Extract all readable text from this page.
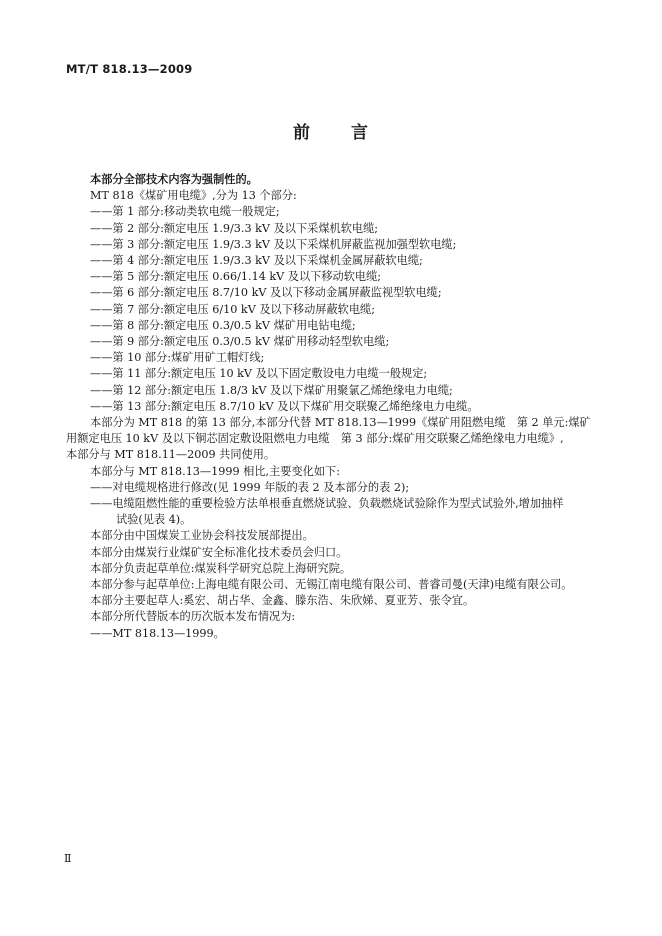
MT/T 818.13—2009
前 言

本部分全部技术内容为强制性的。

MT 818《煤矿用电缆》,分为 13 个部分:

——第 1 部分:移动类软电缆一般规定;

——第 2 部分:额定电压 1.9/3.3 kV 及以下采煤机软电缆;

——第 3 部分:额定电压 1.9/3.3 kV 及以下采煤机屏蔽监视加强型软电缆;

——第 4 部分:额定电压 1.9/3.3 kV 及以下采煤机金属屏蔽软电缆;

——第 5 部分:额定电压 0.66/1.14 kV 及以下移动软电缆;

——第 6 部分:额定电压 8.7/10 kV 及以下移动金属屏蔽监视型软电缆;

——第 7 部分:额定电压 6/10 kV 及以下移动屏蔽软电缆;

——第 8 部分:额定电压 0.3/0.5 kV 煤矿用电钻电缆;

——第 9 部分:额定电压 0.3/0.5 kV 煤矿用移动轻型软电缆;

——第 10 部分:煤矿用矿工帽灯线;

——第 11 部分:额定电压 10 kV 及以下固定敷设电力电缆一般规定;

——第 12 部分:额定电压 1.8/3 kV 及以下煤矿用聚氯乙烯绝缘电力电缆;

——第 13 部分:额定电压 8.7/10 kV 及以下煤矿用交联聚乙烯绝缘电力电缆。

本部分为 MT 818 的第 13 部分,本部分代替 MT 818.13—1999《煤矿用阻燃电缆　第 2 单元:煤矿

用额定电压 10 kV 及以下铜芯固定敷设阻燃电力电缆　第 3 部分:煤矿用交联聚乙烯绝缘电力电缆》,

本部分与 MT 818.11—2009 共同使用。

本部分与 MT 818.13—1999 相比,主要变化如下:

——对电缆规格进行修改(见 1999 年版的表 2 及本部分的表 2);

——电缆阻燃性能的重要检验方法单根垂直燃烧试验、负载燃烧试验除作为型式试验外,增加抽样

试验(见表 4)。

本部分由中国煤炭工业协会科技发展部提出。

本部分由煤炭行业煤矿安全标准化技术委员会归口。

本部分负责起草单位:煤炭科学研究总院上海研究院。

本部分参与起草单位:上海电缆有限公司、无锡江南电缆有限公司、普睿司曼(天津)电缆有限公司。

本部分主要起草人:奚宏、胡占华、金鑫、滕东浩、朱欣娣、夏亚芳、张令宜。

本部分所代替版本的历次版本发布情况为:

——MT 818.13—1999。

Ⅱ
